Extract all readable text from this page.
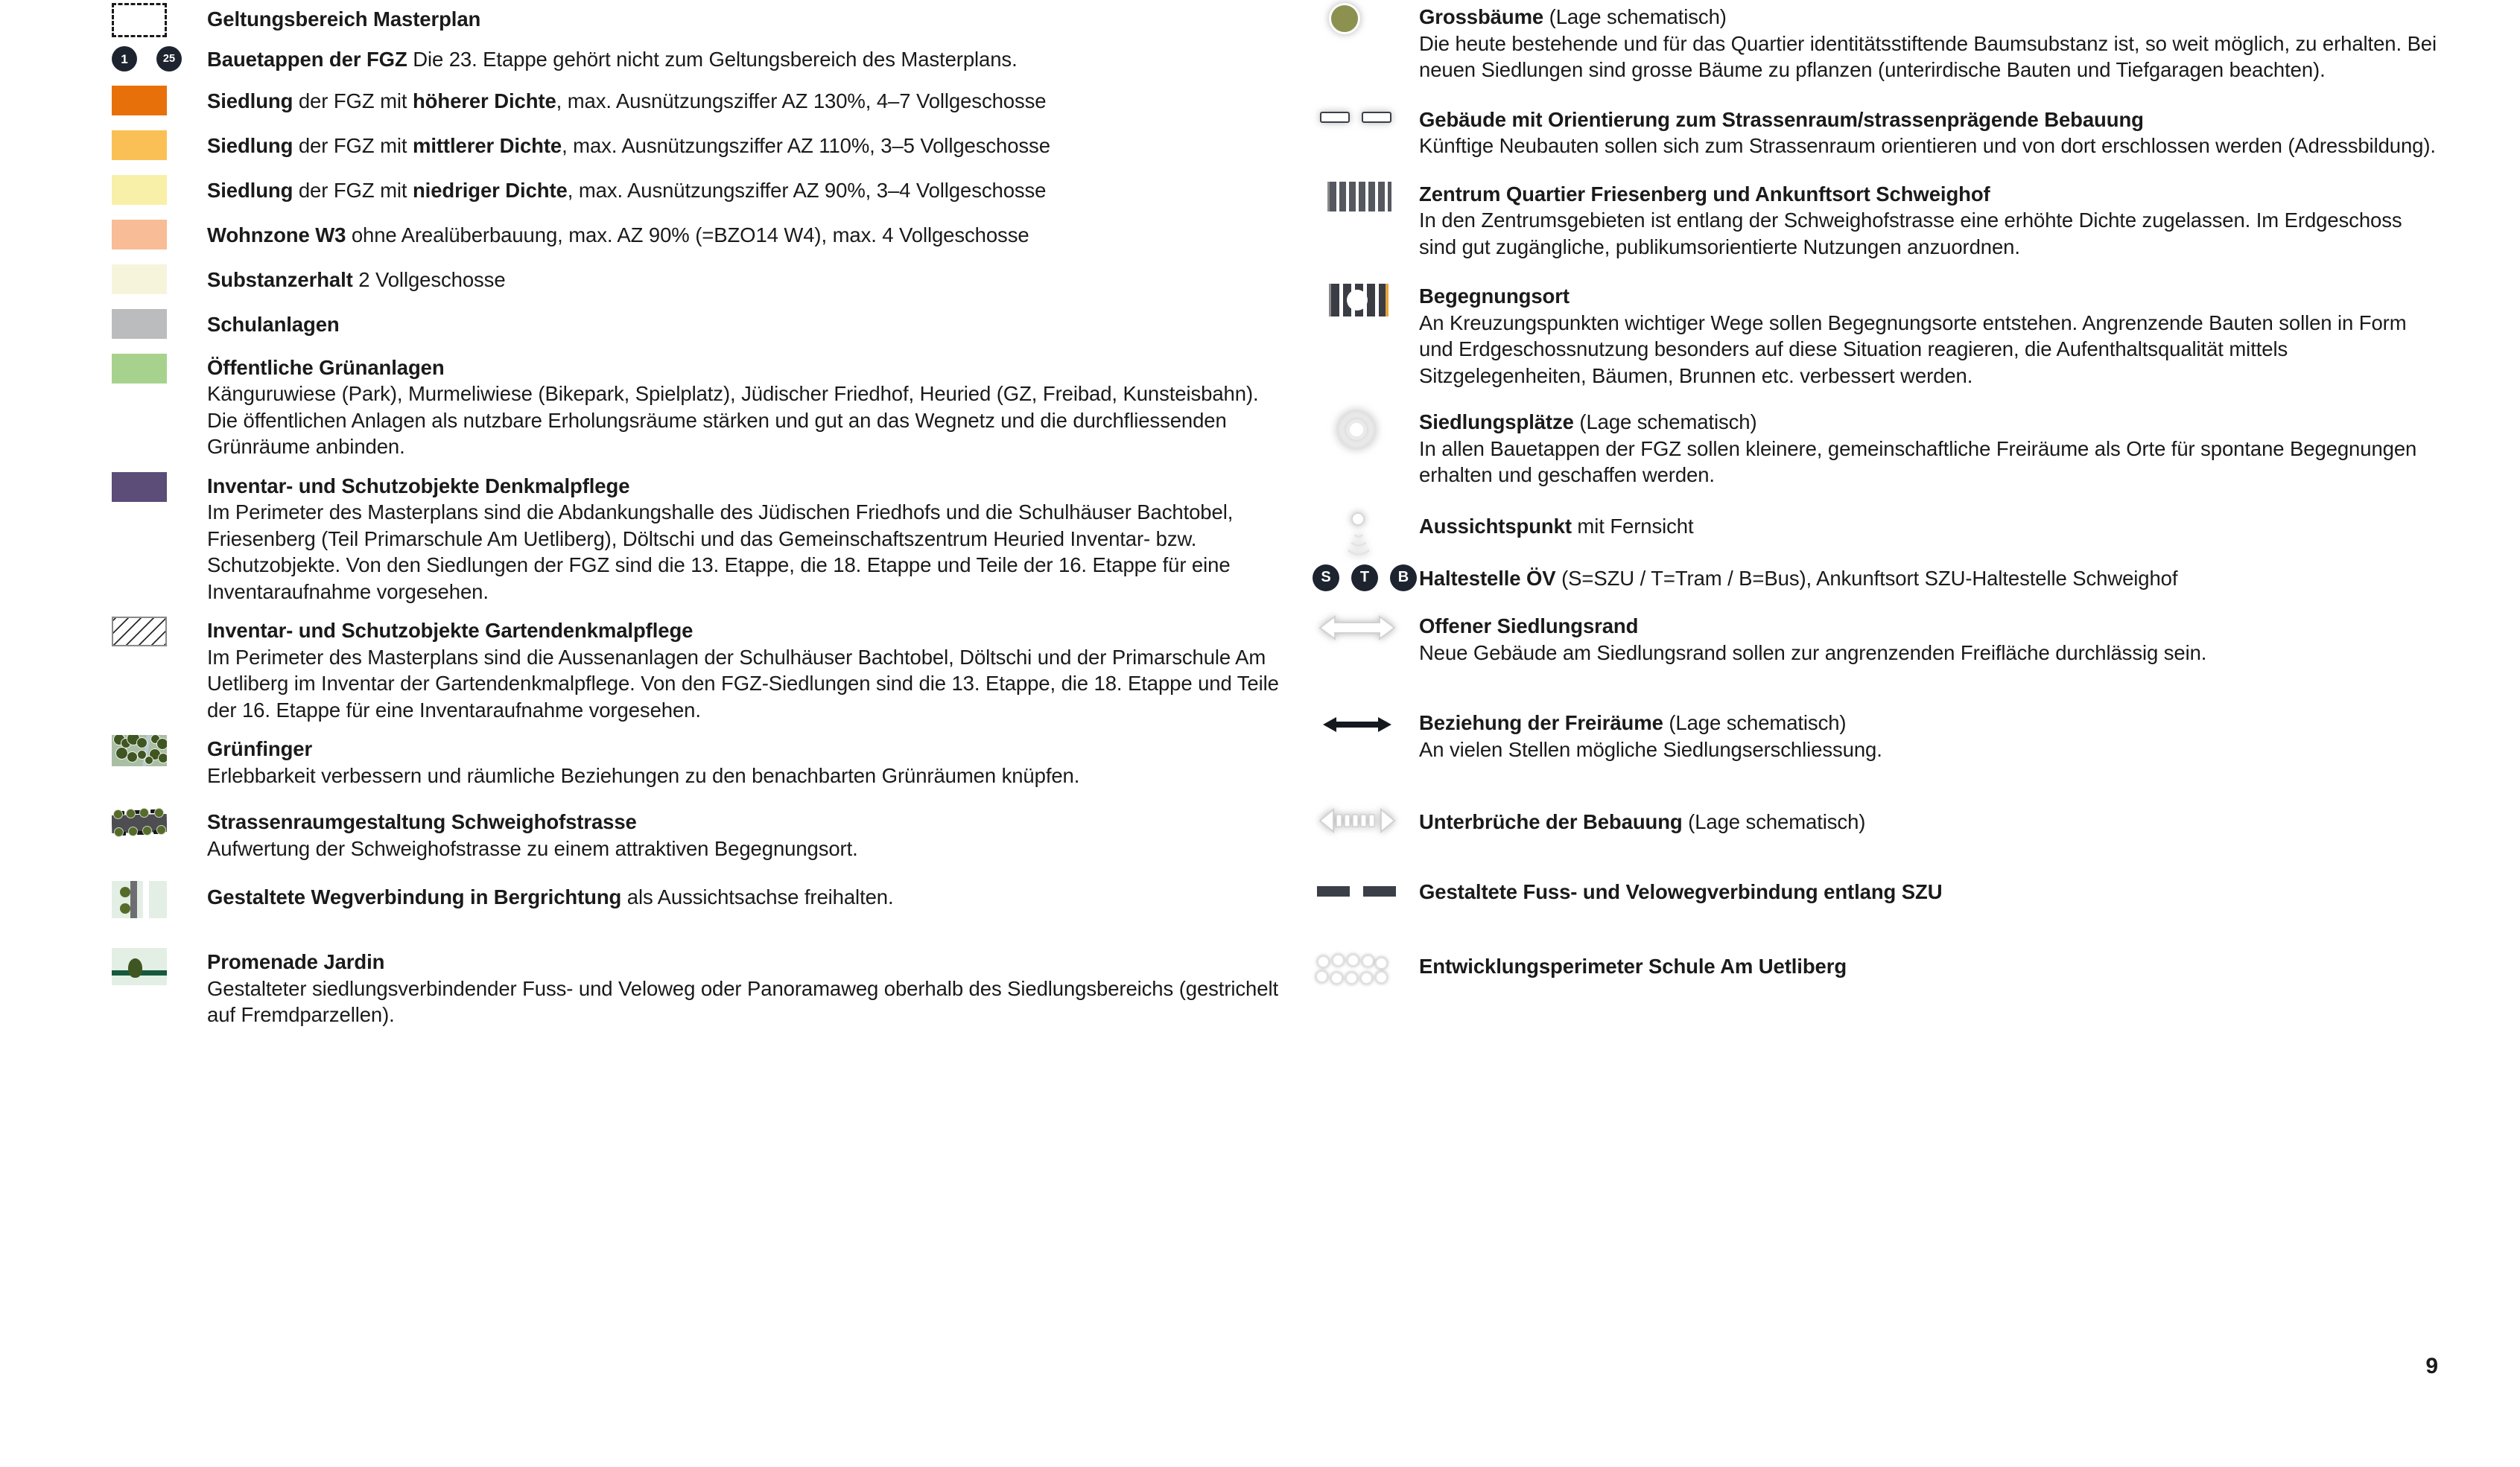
Geltungsbereich Masterplan
1	25	Bauetappen der FGZ Die 23. Etappe gehört nicht zum Geltungsbereich des Masterplans.
Siedlung der FGZ mit höherer Dichte, max. Ausnützungsziffer AZ 130%, 4–7 Vollgeschosse
Siedlung der FGZ mit mittlerer Dichte, max. Ausnützungsziffer AZ 110%, 3–5 Vollgeschosse
Siedlung der FGZ mit niedriger Dichte, max. Ausnützungsziffer AZ 90%, 3–4 Vollgeschosse
Wohnzone W3 ohne Arealüberbauung, max. AZ 90% (=BZO14 W4), max. 4 Vollgeschosse
Substanzerhalt 2 Vollgeschosse
Schulanlagen
Öffentliche Grünanlagen
Känguruwiese (Park), Murmeliwiese (Bikepark, Spielplatz), Jüdischer Friedhof, Heuried (GZ, Freibad, Kunsteisbahn). Die öffentlichen Anlagen als nutzbare Erholungsräume stärken und gut an das Wegnetz und die durchfliessenden Grünräume anbinden.
Inventar- und Schutzobjekte Denkmalpflege
Im Perimeter des Masterplans sind die Abdankungshalle des Jüdischen Friedhofs und die Schulhäuser Bachtobel, Friesenberg (Teil Primarschule Am Uetliberg), Döltschi und das Gemeinschaftszentrum Heuried Inventar- bzw. Schutzobjekte. Von den Siedlungen der FGZ sind die 13. Etappe, die 18. Etappe und Teile der 16. Etappe für eine Inventaraufnahme vorgesehen.
Inventar- und Schutzobjekte Gartendenkmalpflege
Im Perimeter des Masterplans sind die Aussenanlagen der Schulhäuser Bachtobel, Döltschi und der Primarschule Am Uetliberg im Inventar der Gartendenkmalpflege. Von den FGZ-Siedlungen sind die 13. Etappe, die 18. Etappe und Teile der 16. Etappe für eine Inventaraufnahme vorgesehen.
Grünfinger
Erlebbarkeit verbessern und räumliche Beziehungen zu den benachbarten Grünräumen knüpfen.
Strassenraumgestaltung Schweighofstrasse
Aufwertung der Schweighofstrasse zu einem attraktiven Begegnungsort.
Gestaltete Wegverbindung in Bergrichtung als Aussichtsachse freihalten.
Promenade Jardin
Gestalteter siedlungsverbindender Fuss- und Veloweg oder Panoramaweg oberhalb des Siedlungsbereichs (gestrichelt auf Fremdparzellen).
Grossbäume (Lage schematisch)
Die heute bestehende und für das Quartier identitätsstiftende Baumsubstanz ist, so weit möglich, zu erhalten. Bei neuen Siedlungen sind grosse Bäume zu pflanzen (unterirdische Bauten und Tiefgaragen beachten).
Gebäude mit Orientierung zum Strassenraum/strassenprägende Bebauung
Künftige Neubauten sollen sich zum Strassenraum orientieren und von dort erschlossen werden (Adressbildung).
Zentrum Quartier Friesenberg und Ankunftsort Schweighof
In den Zentrumsgebieten ist entlang der Schweighofstrasse eine erhöhte Dichte zugelassen. Im Erdgeschoss sind gut zugängliche, publikumsorientierte Nutzungen anzuordnen.
Begegnungsort
An Kreuzungspunkten wichtiger Wege sollen Begegnungsorte entstehen. Angrenzende Bauten sollen in Form und Erdgeschossnutzung besonders auf diese Situation reagieren, die Aufenthaltsqualität mittels Sitzgelegenheiten, Bäumen, Brunnen etc. verbessert werden.
Siedlungsplätze (Lage schematisch)
In allen Bauetappen der FGZ sollen kleinere, gemeinschaftliche Freiräume als Orte für spontane Begegnungen erhalten und geschaffen werden.
Aussichtspunkt mit Fernsicht
S	T	B Haltestelle ÖV (S=SZU / T=Tram / B=Bus), Ankunftsort SZU-Haltestelle Schweighof
Offener Siedlungsrand
Neue Gebäude am Siedlungsrand sollen zur angrenzenden Freifläche durchlässig sein.
Beziehung der Freiräume (Lage schematisch)
An vielen Stellen mögliche Siedlungserschliessung.
Unterbrüche der Bebauung (Lage schematisch)
Gestaltete Fuss- und Velowegverbindung entlang SZU
Entwicklungsperimeter Schule Am Uetliberg
9
